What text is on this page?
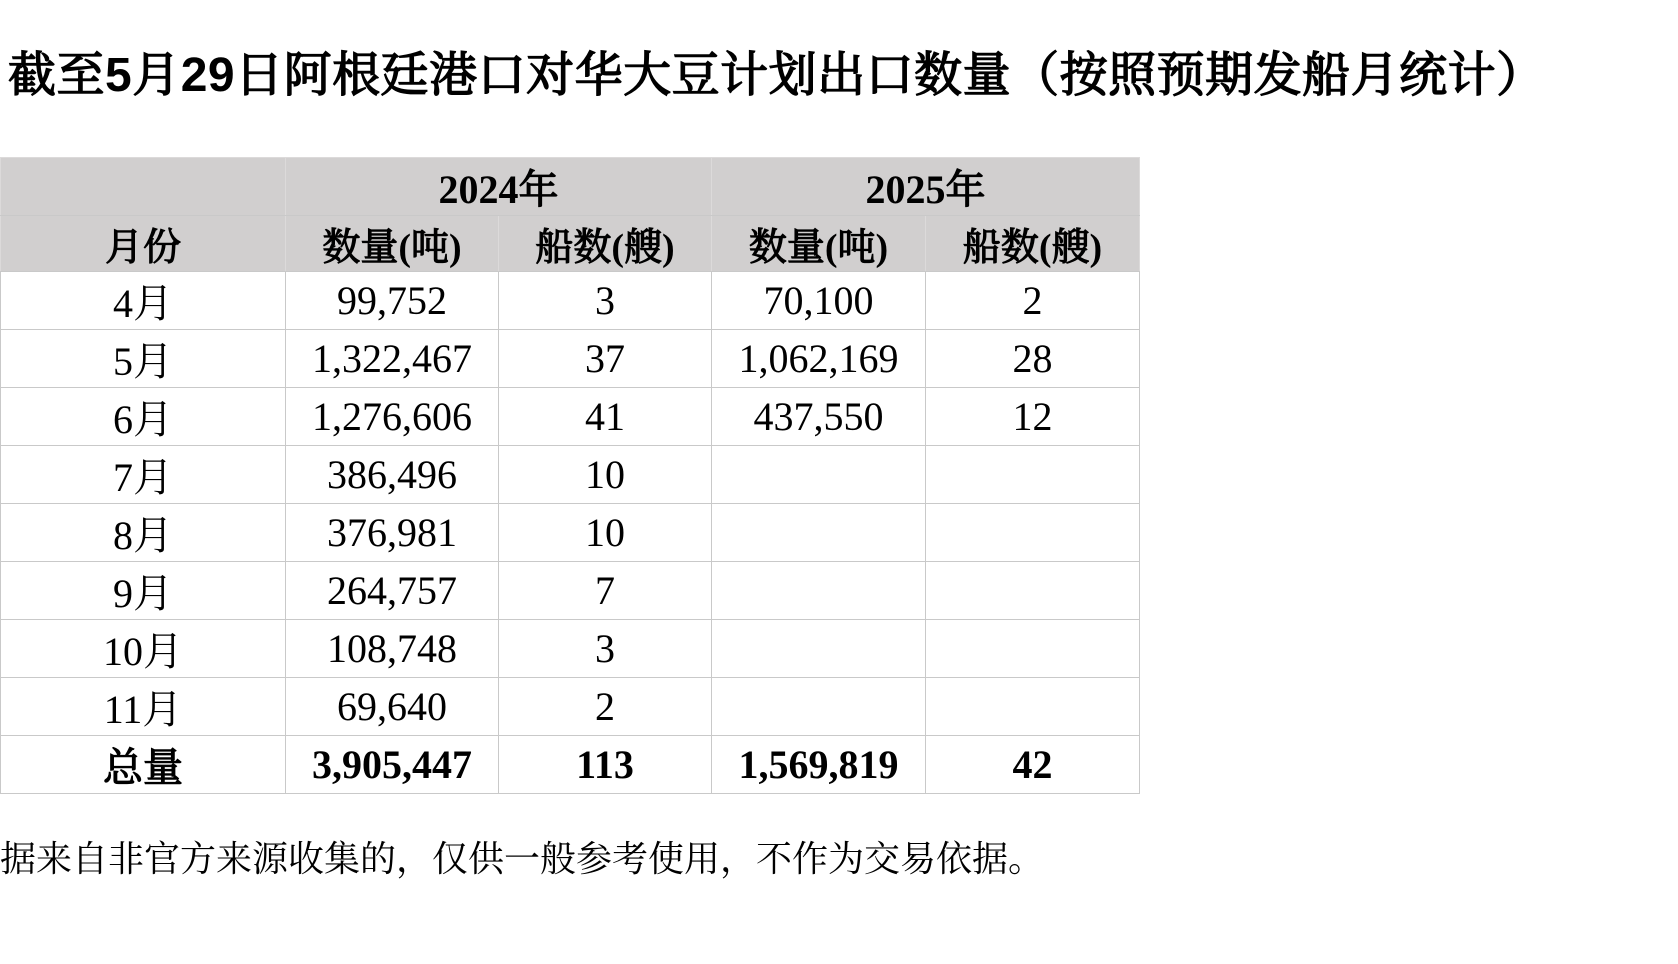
截至5月29日阿根廷港口对华大豆计划出口数量（按照预期发船月统计）
	2024年		2025年	
月份	数量(吨)	船数(艘)	数量(吨)	船数(艘)
4月	99,752	3	70,100	2
5月	1,322,467	37	1,062,169	28
6月	1,276,606	41	437,550	12
7月	386,496	10		
8月	376,981	10		
9月	264,757	7		
10月	108,748	3		
11月	69,640	2		
总量	3,905,447	113	1,569,819	42

据来自非官方来源收集的，仅供一般参考使用，不作为交易依据。
